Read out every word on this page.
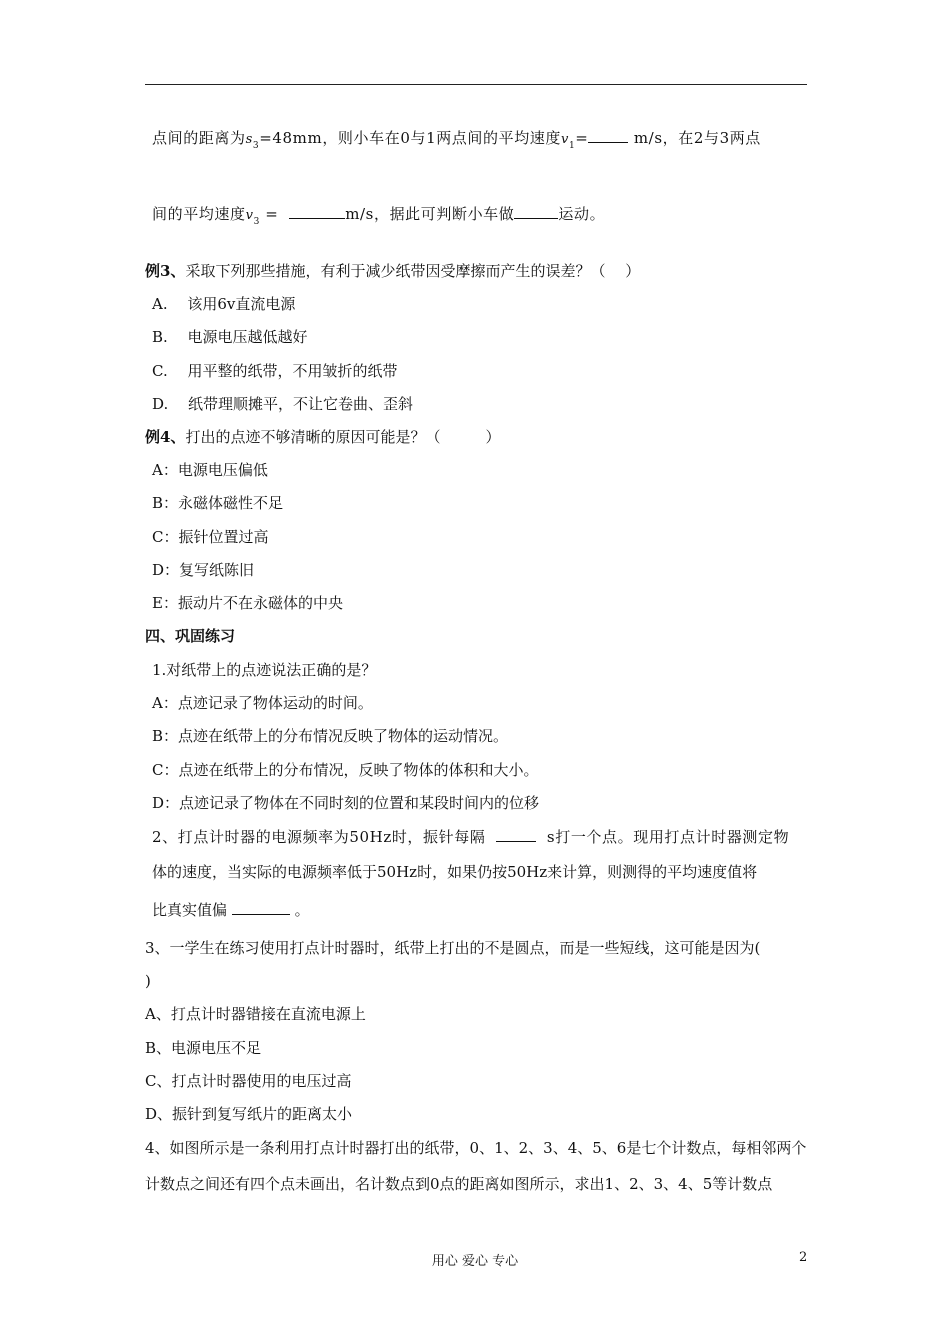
点间的距离为$s_3=48mm$，则小车在0与1两点间的平均速度$v_1=$	m/s，在2与3两点
间的平均速度$v_3$ =	m/s，据此可判断小车做	运动。
例3、采取下列那些措施，有利于减少纸带因受摩擦而产生的误差？（　 ）
A.　 该用6v直流电源
B.　 电源电压越低越好
C.　 用平整的纸带，不用皱折的纸带
D.　 纸带理顺摊平，不让它卷曲、歪斜
例4、打出的点迹不够清晰的原因可能是？（　　　）
A：电源电压偏低
B：永磁体磁性不足
C：振针位置过高
D：复写纸陈旧
E：振动片不在永磁体的中央
四、巩固练习
1.对纸带上的点迹说法正确的是？
A：点迹记录了物体运动的时间。
B：点迹在纸带上的分布情况反映了物体的运动情况。
C：点迹在纸带上的分布情况，反映了物体的体积和大小。
D：点迹记录了物体在不同时刻的位置和某段时间内的位移
2、打点计时器的电源频率为50Hz时，振针每隔	s打一个点。现用打点计时器测定物
体的速度，当实际的电源频率低于50Hz时，如果仍按50Hz来计算，则测得的平均速度值将
比真实值偏	。
3、一学生在练习使用打点计时器时，纸带上打出的不是圆点，而是一些短线，这可能是因为(
)
A、打点计时器错接在直流电源上
B、电源电压不足
C、打点计时器使用的电压过高
D、振针到复写纸片的距离太小
4、如图所示是一条利用打点计时器打出的纸带，0、1、2、3、4、5、6是七个计数点，每相邻两个
计数点之间还有四个点未画出，名计数点到0点的距离如图所示，求出1、2、3、4、5等计数点
用心 爱心 专心	2
